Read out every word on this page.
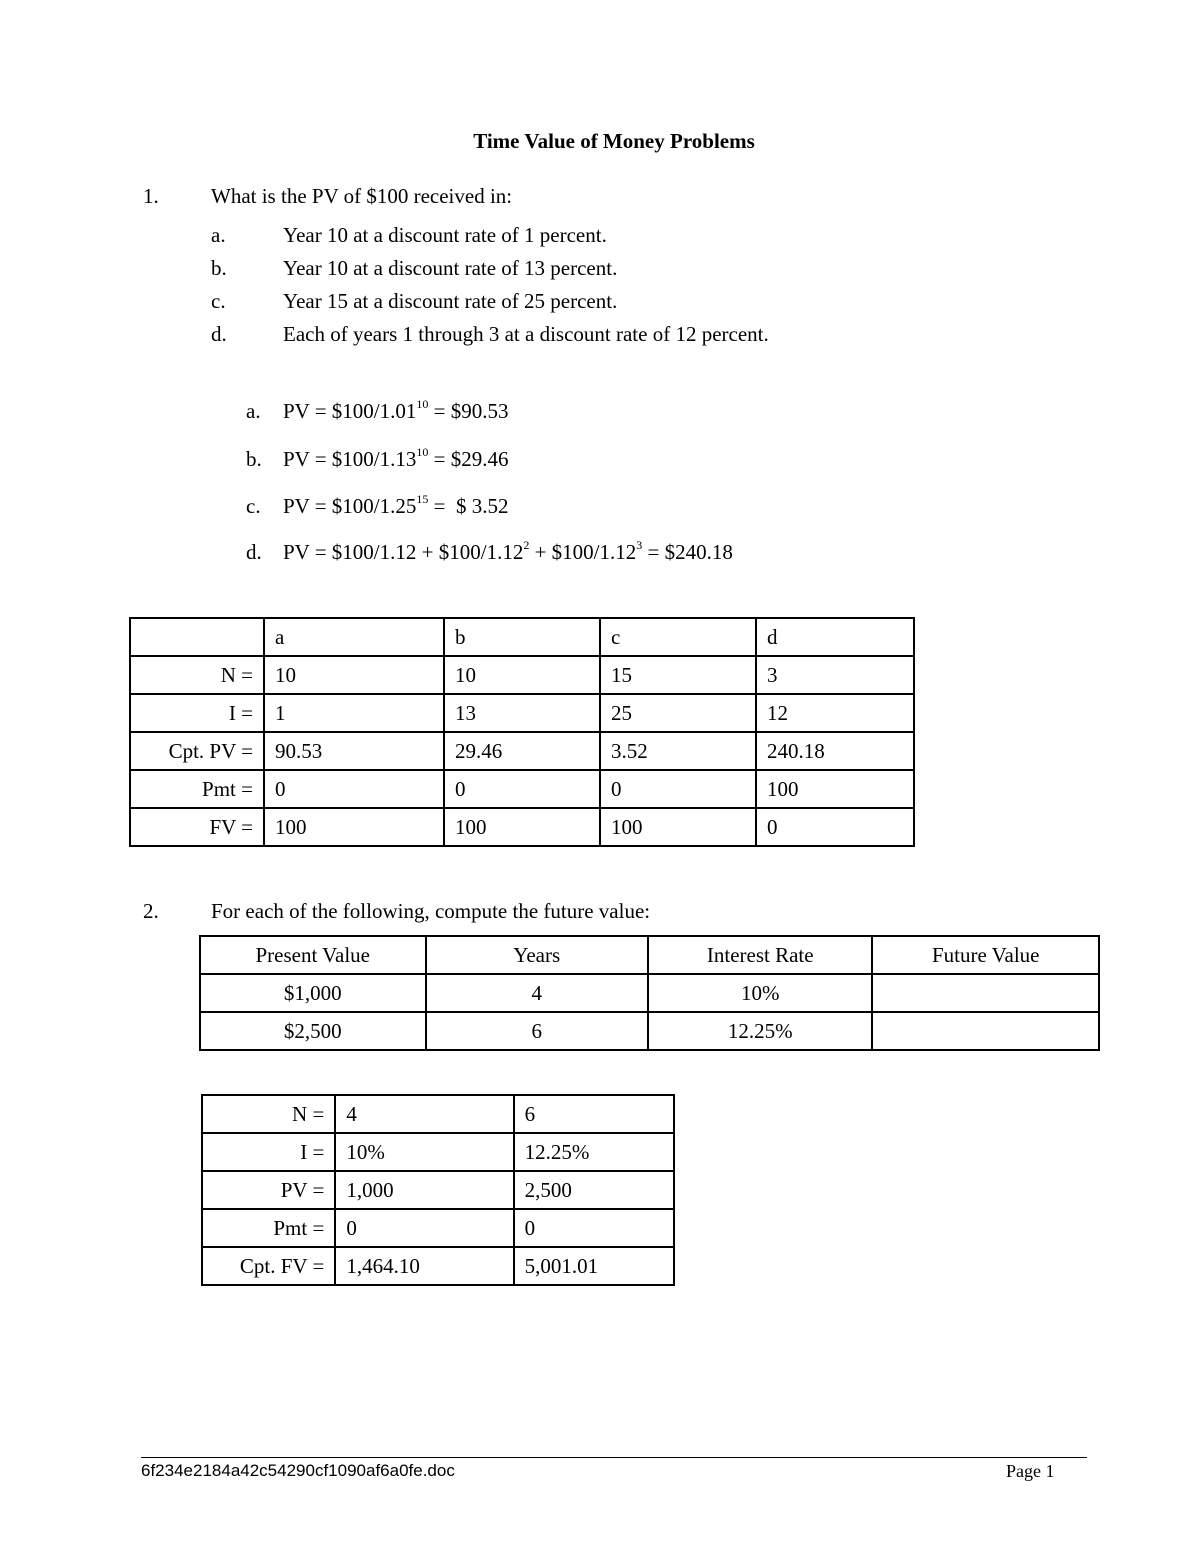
Time Value of Money Problems
1. What is the PV of $100 received in:
a.	Year 10 at a discount rate of 1 percent.
b.	Year 10 at a discount rate of 13 percent.
c.	Year 15 at a discount rate of 25 percent.
d.	Each of years 1 through 3 at a discount rate of 12 percent.
a. PV = $\$100/1.01^{10}$ = $90.53
b. PV = $\$100/1.13^{10}$ = $29.46
c. PV = $\$100/1.25^{15}$ =  $ 3.52
d. PV = $100/1.12 + $\$100/1.12^2$ + $\$100/1.12^3$ = $240.18
	a	b	c	d
N =	10	10	15	3
I =	1	13	25	12
Cpt. PV =	90.53	29.46	3.52	240.18
Pmt =	0	0	0	100
FV =	100	100	100	0
2. For each of the following, compute the future value:
Present Value	Years	Interest Rate	Future Value
$1,000	4	10%	
$2,500	6	12.25%	
N =	4	6
I =	10%	12.25%
PV =	1,000	2,500
Pmt =	0	0
Cpt. FV =	1,464.10	5,001.01
6f234e2184a42c54290cf1090af6a0fe.doc	Page 1
